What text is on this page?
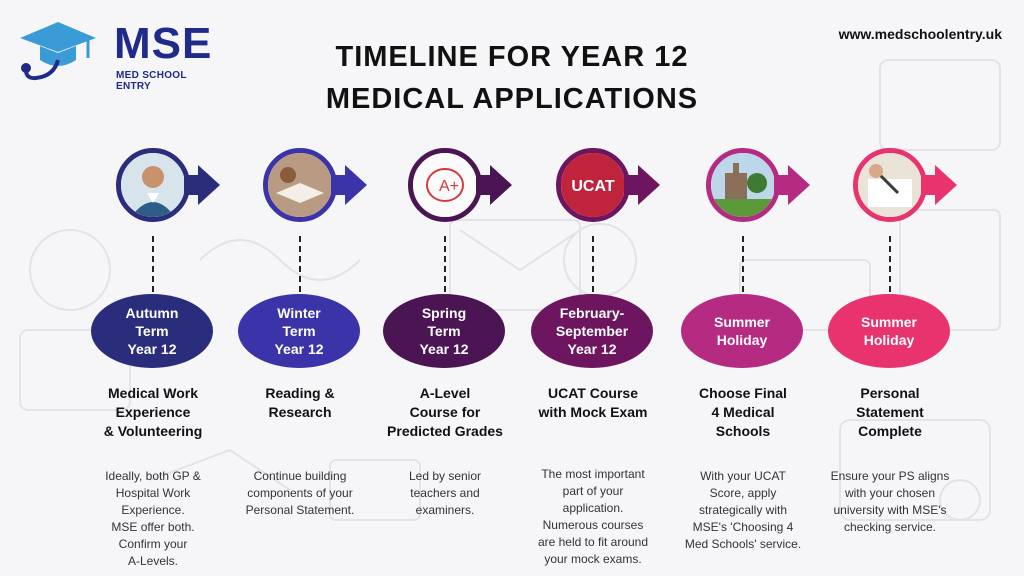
MSE
MED SCHOOL ENTRY
www.medschoolentry.uk
TIMELINE FOR YEAR 12
MEDICAL APPLICATIONS
Autumn
Term
Year 12
Medical Work
Experience
& Volunteering
Ideally, both GP &
Hospital Work
Experience.
MSE offer both.
Confirm your
A-Levels.
Winter
Term
Year 12
Reading &
Research
Continue building
components of your
Personal Statement.
A+
Spring
Term
Year 12
A-Level
Course for
Predicted Grades
Led by senior
teachers and
examiners.
UCAT
February-
September
Year 12
UCAT Course
with Mock Exam
The most important
part of your
application.
Numerous courses
are held to fit around
your mock exams.
Summer
Holiday
Choose Final
4 Medical
Schools
With your UCAT
Score, apply
strategically with
MSE's 'Choosing 4
Med Schools' service.
Summer
Holiday
Personal
Statement
Complete
Ensure your PS aligns
with your chosen
university with MSE's
checking service.
